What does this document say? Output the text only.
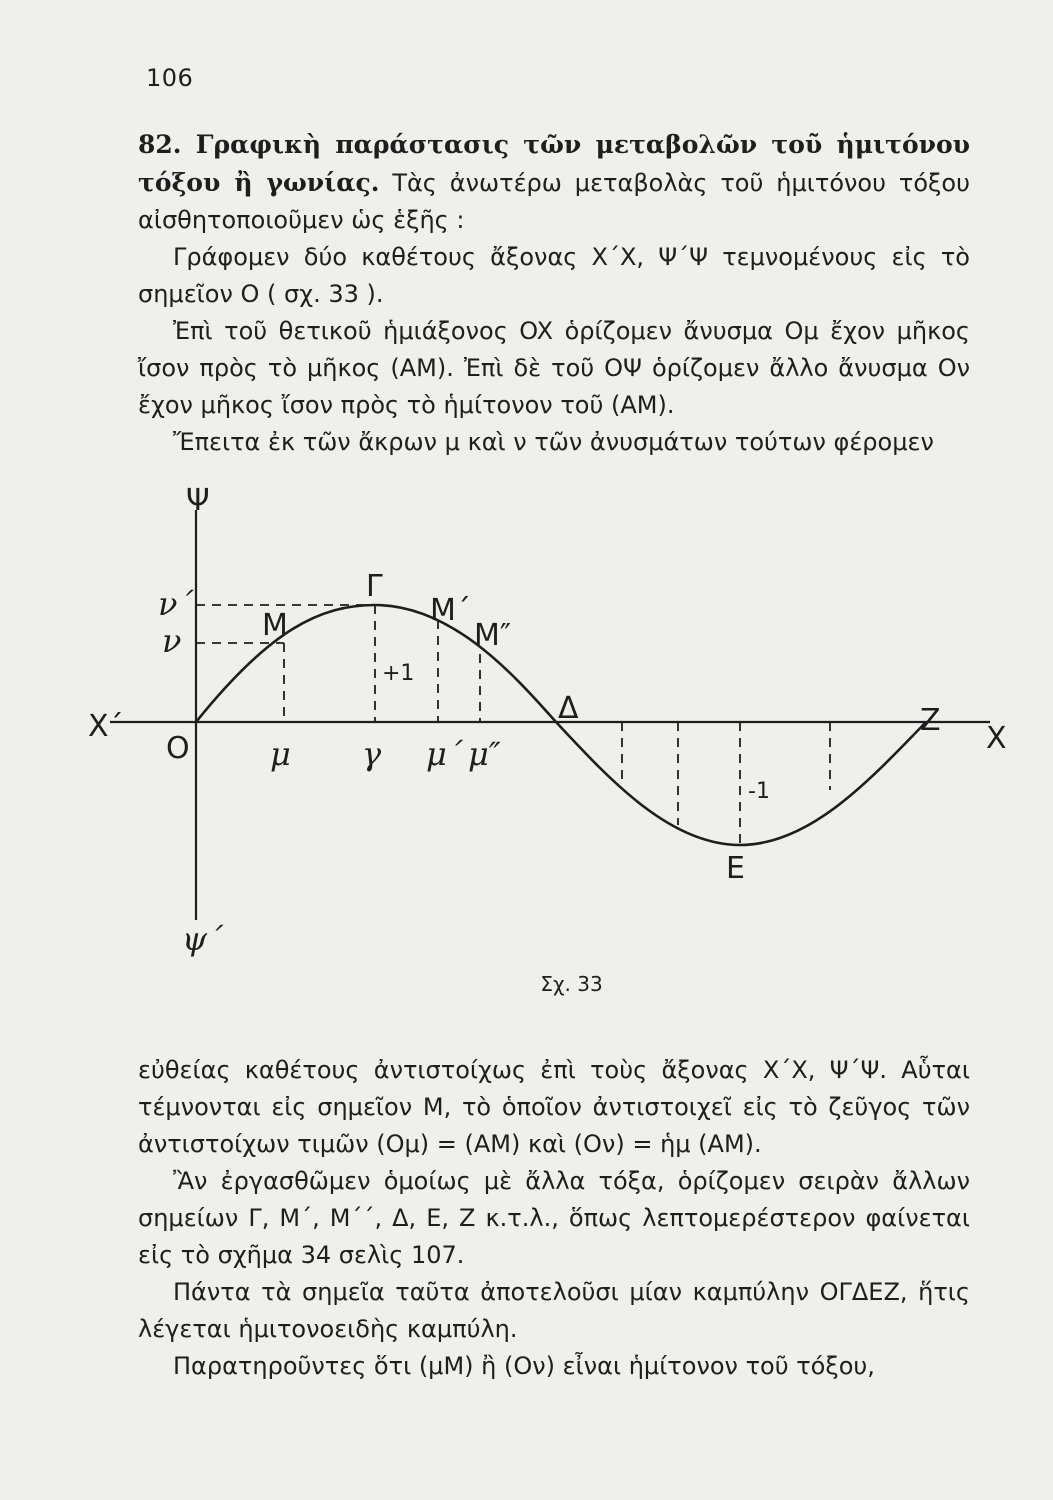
106

82. Γραφικὴ παράστασις τῶν μεταβολῶν τοῦ ἡμιτόνου τόξου ἢ γωνίας. Τὰς ἀνωτέρω μεταβολὰς τοῦ ἡμιτόνου τόξου αἰσθητοποιοῦμεν ὡς ἑξῆς :

Γράφομεν δύο καθέτους ἄξονας X΄X, Ψ΄Ψ τεμνομένους εἰς τὸ σημεῖον O ( σχ. 33 ).

Ἐπὶ τοῦ θετικοῦ ἡμιάξονος OX ὁρίζομεν ἄνυσμα Oμ ἔχον μῆκος ἴσον πρὸς τὸ μῆκος (ΑΜ). Ἐπὶ δὲ τοῦ OΨ ὁρίζομεν ἄλλο ἄνυσμα Oν ἔχον μῆκος ἴσον πρὸς τὸ ἡμίτονον τοῦ (ΑΜ).

Ἔπειτα ἐκ τῶν ἄκρων μ καὶ ν τῶν ἀνυσμάτων τούτων φέρομεν

Ψ
ψ΄
X΄	X
O
ν΄
ν	M
Γ
M΄
M″
+1
Δ	Z
-1
E
μ γ μ΄ μ″
Σχ. 33

εὐθείας καθέτους ἀντιστοίχως ἐπὶ τοὺς ἄξονας X΄X, Ψ΄Ψ. Αὗται τέμνονται εἰς σημεῖον M, τὸ ὁποῖον ἀντιστοιχεῖ εἰς τὸ ζεῦγος τῶν ἀντιστοίχων τιμῶν (Oμ) = (ΑΜ) καὶ (Oν) = ἡμ (ΑΜ).

Ἂν ἐργασθῶμεν ὁμοίως μὲ ἄλλα τόξα, ὁρίζομεν σειρὰν ἄλλων σημείων Γ, M΄, M΄΄, Δ, E, Z κ.τ.λ., ὅπως λεπτομερέστερον φαίνεται εἰς τὸ σχῆμα 34 σελὶς 107.

Πάντα τὰ σημεῖα ταῦτα ἀποτελοῦσι μίαν καμπύλην OΓΔEZ, ἥτις λέγεται ἡμιτονοειδὴς καμπύλη.

Παρατηροῦντες ὅτι (μΜ) ἢ (Oν) εἶναι ἡμίτονον τοῦ τόξου,
